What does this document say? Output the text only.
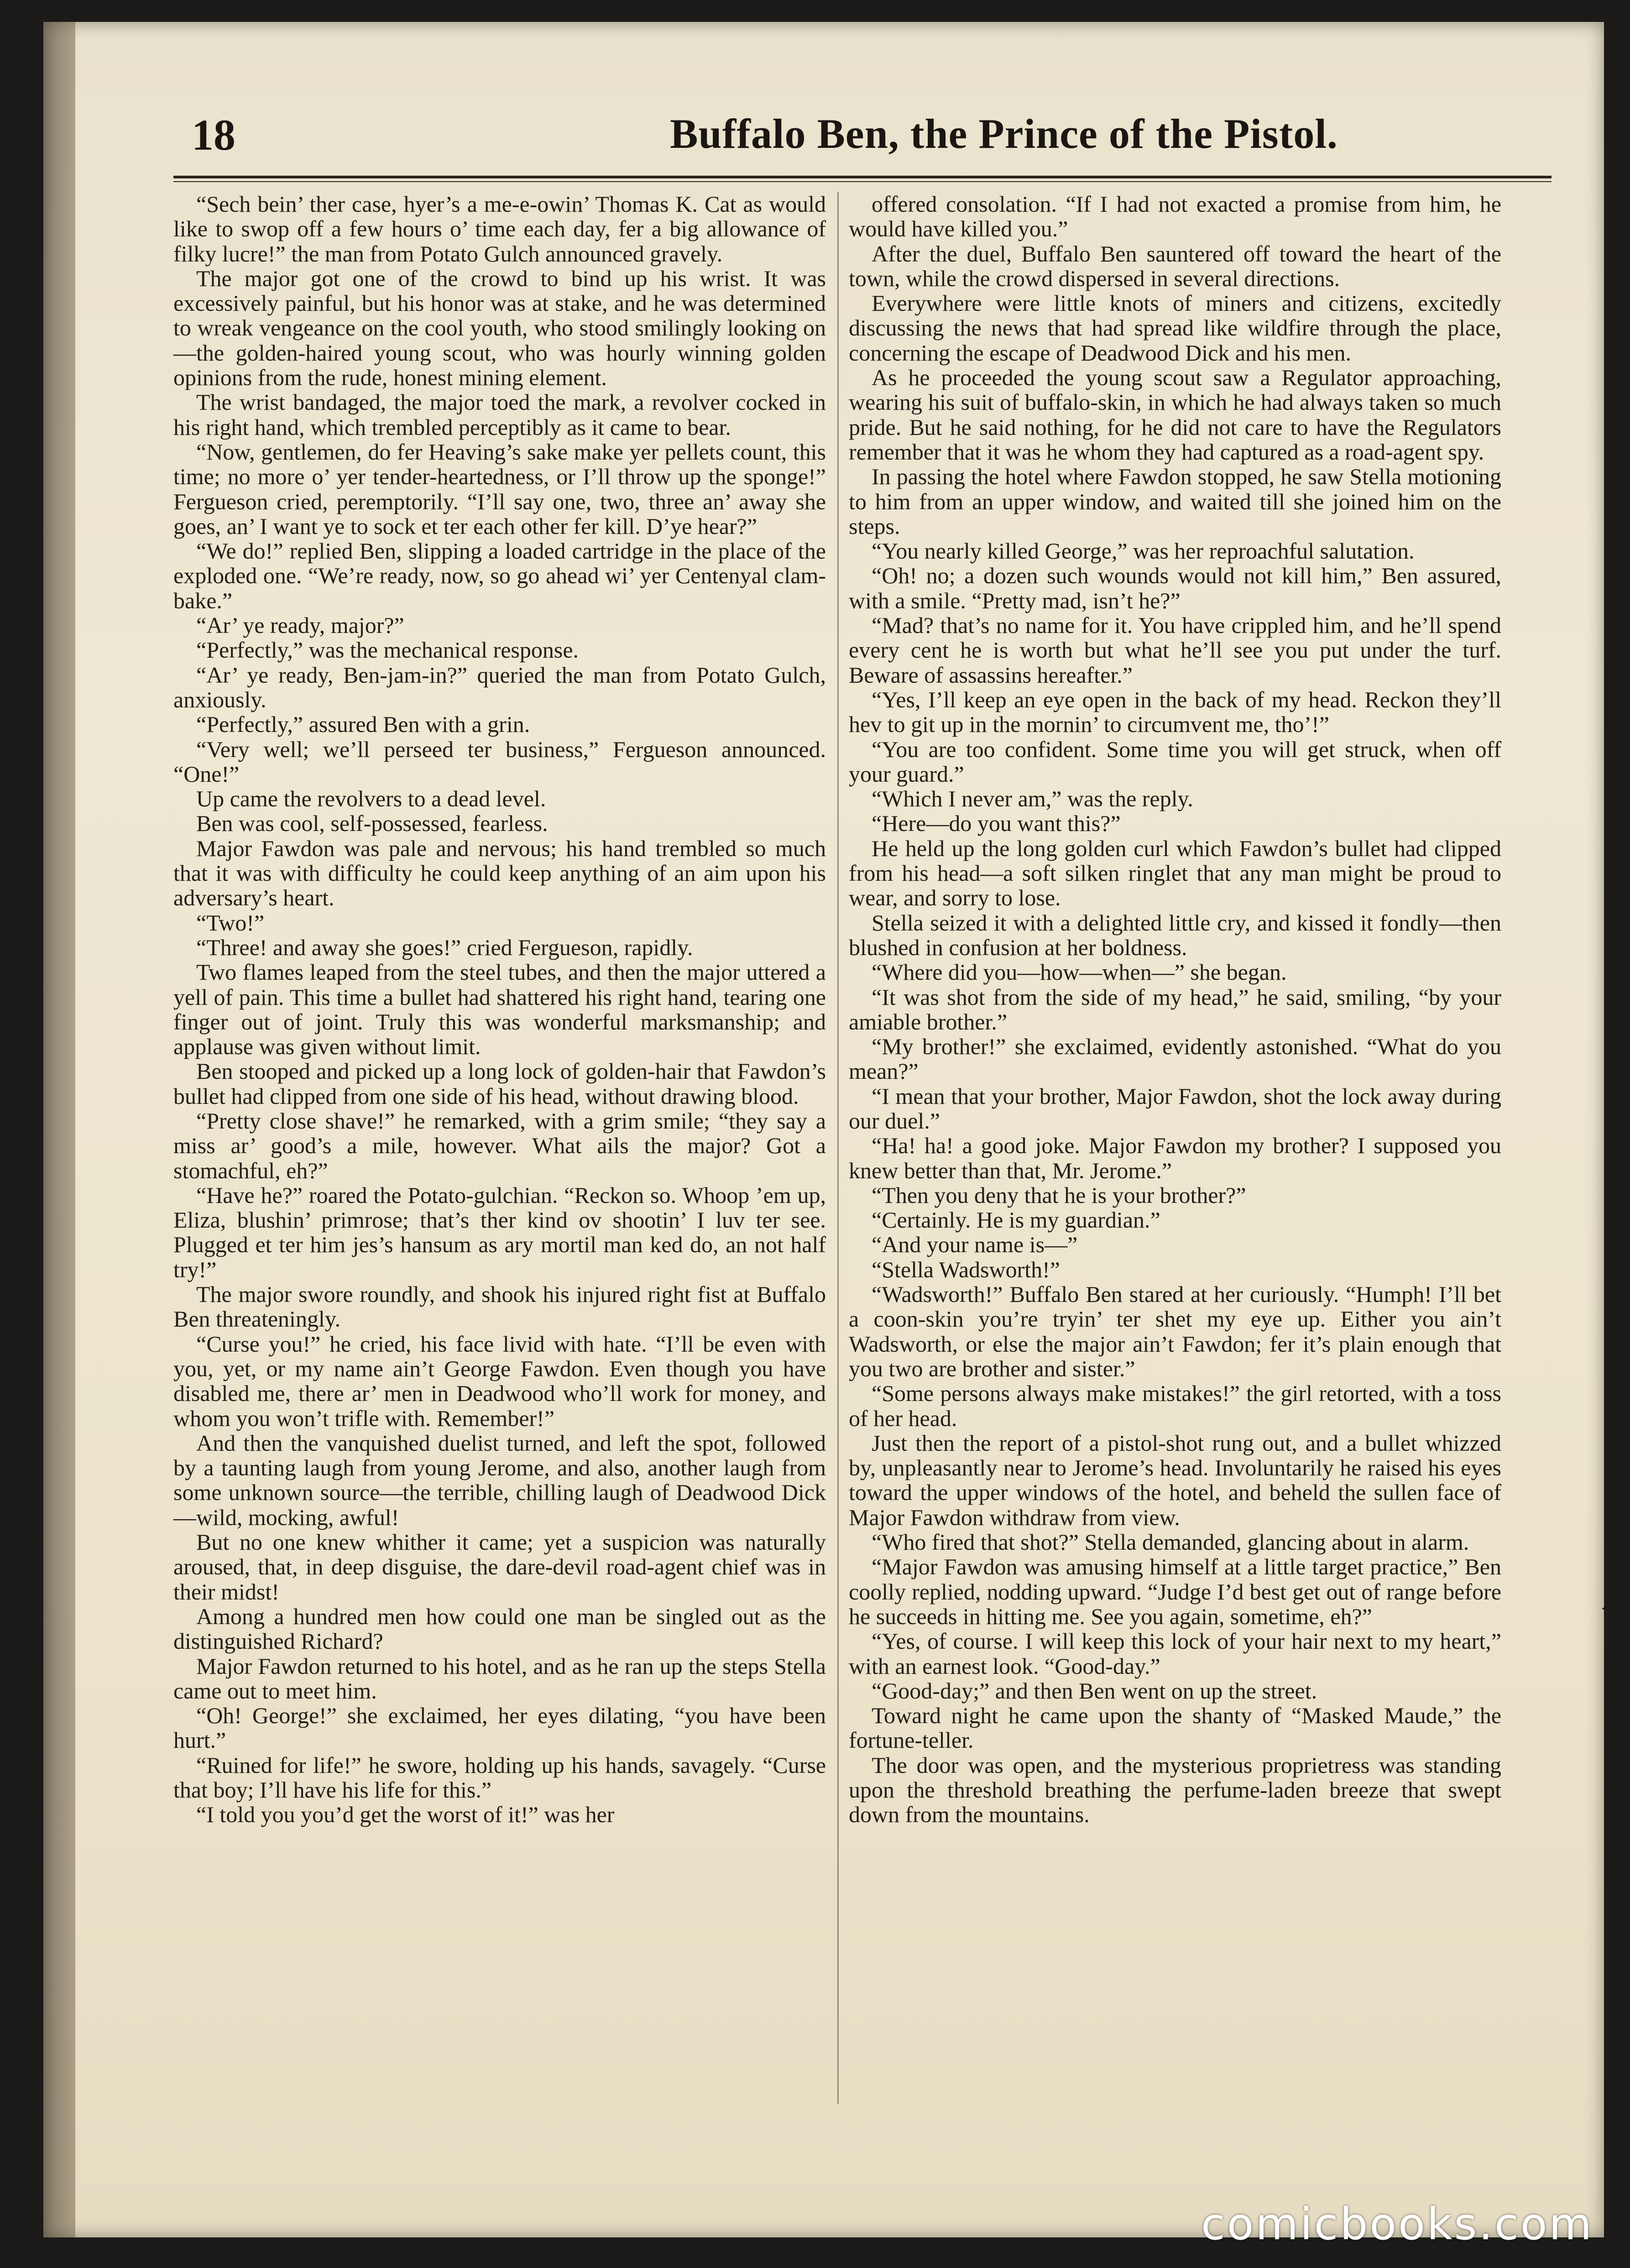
18	Buffalo Ben, the Prince of the Pistol.

“Sech bein’ ther case, hyer’s a me-e-owin’ Thomas K. Cat as would like to swop off a few hours o’ time each day, fer a big allowance of filky lucre!” the man from Potato Gulch announced gravely.

The major got one of the crowd to bind up his wrist. It was excessively painful, but his honor was at stake, and he was determined to wreak vengeance on the cool youth, who stood smilingly looking on—the golden-haired young scout, who was hourly winning golden opinions from the rude, honest mining element.

The wrist bandaged, the major toed the mark, a revolver cocked in his right hand, which trembled perceptibly as it came to bear.

“Now, gentlemen, do fer Heaving’s sake make yer pellets count, this time; no more o’ yer tender-heartedness, or I’ll throw up the sponge!” Fergueson cried, peremptorily. “I’ll say one, two, three an’ away she goes, an’ I want ye to sock et ter each other fer kill. D’ye hear?”

“We do!” replied Ben, slipping a loaded cartridge in the place of the exploded one. “We’re ready, now, so go ahead wi’ yer Centenyal clam-bake.”

“Ar’ ye ready, major?”

“Perfectly,” was the mechanical response.

“Ar’ ye ready, Ben-jam-in?” queried the man from Potato Gulch, anxiously.

“Perfectly,” assured Ben with a grin.

“Very well; we’ll perseed ter business,” Fergueson announced. “One!”

Up came the revolvers to a dead level.

Ben was cool, self-possessed, fearless.

Major Fawdon was pale and nervous; his hand trembled so much that it was with difficulty he could keep anything of an aim upon his adversary’s heart.

“Two!”

“Three! and away she goes!” cried Fergueson, rapidly.

Two flames leaped from the steel tubes, and then the major uttered a yell of pain. This time a bullet had shattered his right hand, tearing one finger out of joint. Truly this was wonderful marksmanship; and applause was given without limit.

Ben stooped and picked up a long lock of golden-hair that Fawdon’s bullet had clipped from one side of his head, without drawing blood.

“Pretty close shave!” he remarked, with a grim smile; “they say a miss ar’ good’s a mile, however. What ails the major? Got a stomachful, eh?”

“Have he?” roared the Potato-gulchian. “Reckon so. Whoop ’em up, Eliza, blushin’ primrose; that’s ther kind ov shootin’ I luv ter see. Plugged et ter him jes’s hansum as ary mortil man ked do, an not half try!”

The major swore roundly, and shook his injured right fist at Buffalo Ben threateningly.

“Curse you!” he cried, his face livid with hate. “I’ll be even with you, yet, or my name ain’t George Fawdon. Even though you have disabled me, there ar’ men in Deadwood who’ll work for money, and whom you won’t trifle with. Remember!”

And then the vanquished duelist turned, and left the spot, followed by a taunting laugh from young Jerome, and also, another laugh from some unknown source—the terrible, chilling laugh of Deadwood Dick—wild, mocking, awful!

But no one knew whither it came; yet a suspicion was naturally aroused, that, in deep disguise, the dare-devil road-agent chief was in their midst!

Among a hundred men how could one man be singled out as the distinguished Richard?

Major Fawdon returned to his hotel, and as he ran up the steps Stella came out to meet him.

“Oh! George!” she exclaimed, her eyes dilating, “you have been hurt.”

“Ruined for life!” he swore, holding up his hands, savagely. “Curse that boy; I’ll have his life for this.”

“I told you you’d get the worst of it!” was her

offered consolation. “If I had not exacted a promise from him, he would have killed you.”

After the duel, Buffalo Ben sauntered off toward the heart of the town, while the crowd dispersed in several directions.

Everywhere were little knots of miners and citizens, excitedly discussing the news that had spread like wildfire through the place, concerning the escape of Deadwood Dick and his men.

As he proceeded the young scout saw a Regulator approaching, wearing his suit of buffalo-skin, in which he had always taken so much pride. But he said nothing, for he did not care to have the Regulators remember that it was he whom they had captured as a road-agent spy.

In passing the hotel where Fawdon stopped, he saw Stella motioning to him from an upper window, and waited till she joined him on the steps.

“You nearly killed George,” was her reproachful salutation.

“Oh! no; a dozen such wounds would not kill him,” Ben assured, with a smile. “Pretty mad, isn’t he?”

“Mad? that’s no name for it. You have crippled him, and he’ll spend every cent he is worth but what he’ll see you put under the turf. Beware of assassins hereafter.”

“Yes, I’ll keep an eye open in the back of my head. Reckon they’ll hev to git up in the mornin’ to circumvent me, tho’!”

“You are too confident. Some time you will get struck, when off your guard.”

“Which I never am,” was the reply.

“Here—do you want this?”

He held up the long golden curl which Fawdon’s bullet had clipped from his head—a soft silken ringlet that any man might be proud to wear, and sorry to lose.

Stella seized it with a delighted little cry, and kissed it fondly—then blushed in confusion at her boldness.

“Where did you—how—when—” she began.

“It was shot from the side of my head,” he said, smiling, “by your amiable brother.”

“My brother!” she exclaimed, evidently astonished. “What do you mean?”

“I mean that your brother, Major Fawdon, shot the lock away during our duel.”

“Ha! ha! a good joke. Major Fawdon my brother? I supposed you knew better than that, Mr. Jerome.”

“Then you deny that he is your brother?”

“Certainly. He is my guardian.”

“And your name is—”

“Stella Wadsworth!”

“Wadsworth!” Buffalo Ben stared at her curiously. “Humph! I’ll bet a coon-skin you’re tryin’ ter shet my eye up. Either you ain’t Wadsworth, or else the major ain’t Fawdon; fer it’s plain enough that you two are brother and sister.”

“Some persons always make mistakes!” the girl retorted, with a toss of her head.

Just then the report of a pistol-shot rung out, and a bullet whizzed by, unpleasantly near to Jerome’s head. Involuntarily he raised his eyes toward the upper windows of the hotel, and beheld the sullen face of Major Fawdon withdraw from view.

“Who fired that shot?” Stella demanded, glancing about in alarm.

“Major Fawdon was amusing himself at a little target practice,” Ben coolly replied, nodding upward. “Judge I’d best get out of range before he succeeds in hitting me. See you again, sometime, eh?”

“Yes, of course. I will keep this lock of your hair next to my heart,” with an earnest look. “Good-day.”

“Good-day;” and then Ben went on up the street.

Toward night he came upon the shanty of “Masked Maude,” the fortune-teller.

The door was open, and the mysterious proprietress was standing upon the threshold breathing the perfume-laden breeze that swept down from the mountains.

comicbooks.com
